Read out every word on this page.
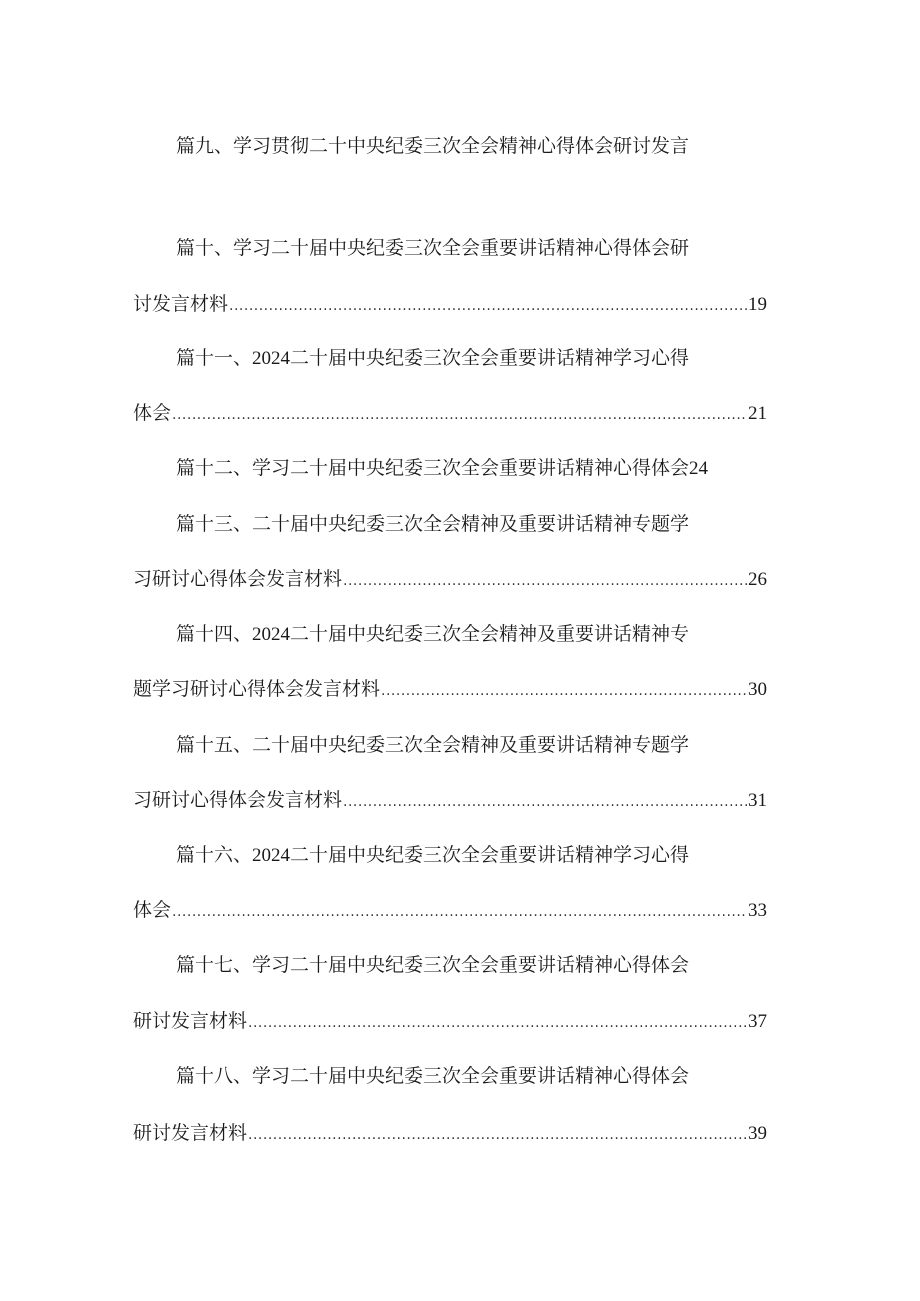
篇九、学习贯彻二十中央纪委三次全会精神心得体会研讨发言
篇十、学习二十届中央纪委三次全会重要讲话精神心得体会研
讨发言材料 .....	19
篇十一、2024二十届中央纪委三次全会重要讲话精神学习心得
体会 .....	21
篇十二、学习二十届中央纪委三次全会重要讲话精神心得体会24
篇十三、二十届中央纪委三次全会精神及重要讲话精神专题学
习研讨心得体会发言材料 .....	26
篇十四、2024二十届中央纪委三次全会精神及重要讲话精神专
题学习研讨心得体会发言材料 .....	30
篇十五、二十届中央纪委三次全会精神及重要讲话精神专题学
习研讨心得体会发言材料 .....	31
篇十六、2024二十届中央纪委三次全会重要讲话精神学习心得
体会 .....	33
篇十七、学习二十届中央纪委三次全会重要讲话精神心得体会
研讨发言材料 .....	37
篇十八、学习二十届中央纪委三次全会重要讲话精神心得体会
研讨发言材料 .....	39
